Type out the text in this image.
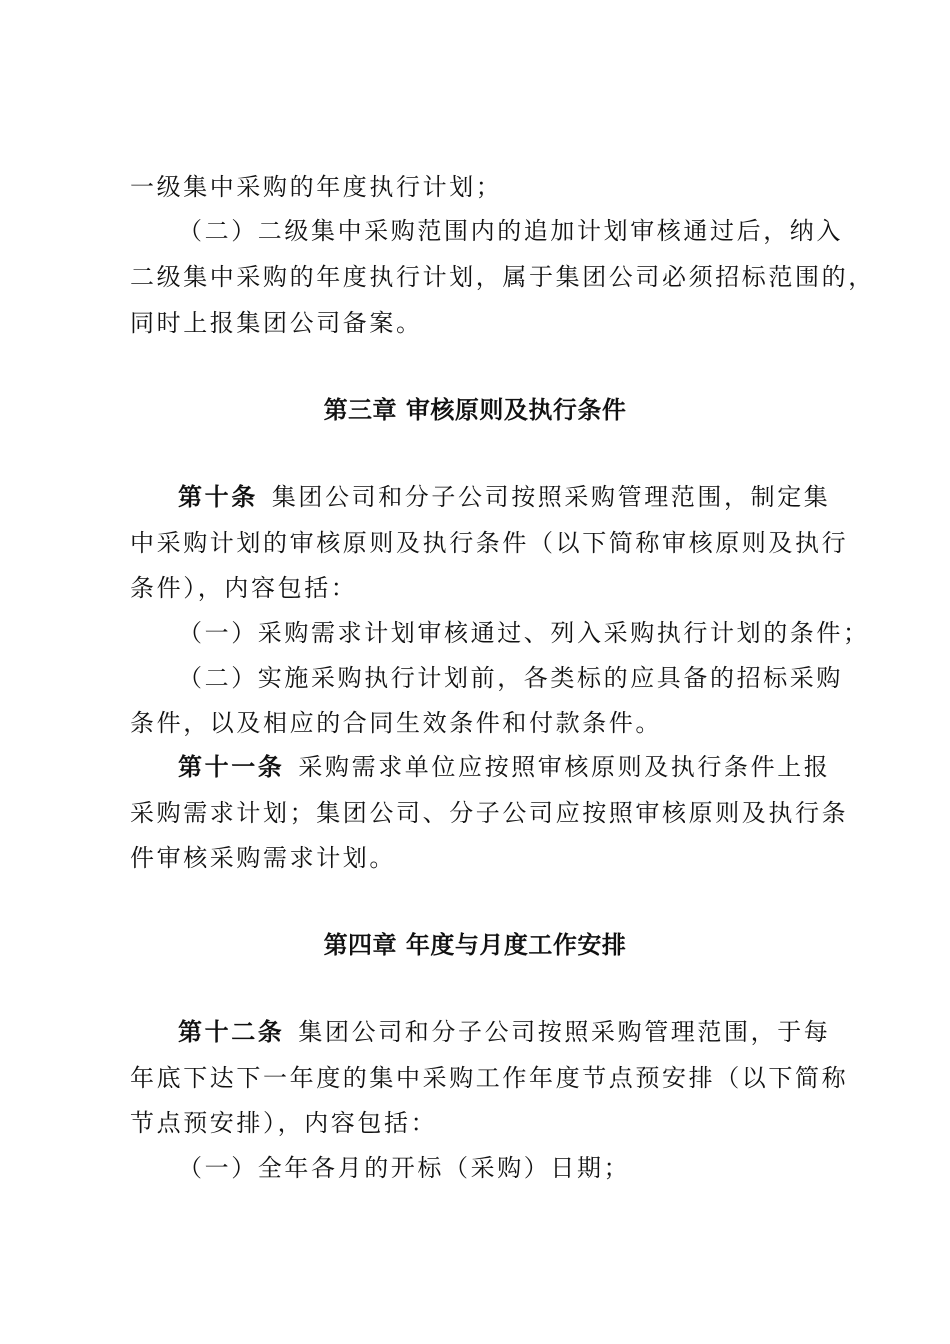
一级集中采购的年度执行计划；
（二）二级集中采购范围内的追加计划审核通过后，纳入
二级集中采购的年度执行计划，属于集团公司必须招标范围的，
同时上报集团公司备案。
第三章 审核原则及执行条件
第十条 集团公司和分子公司按照采购管理范围，制定集
中采购计划的审核原则及执行条件（以下简称审核原则及执行
条件），内容包括：
（一）采购需求计划审核通过、列入采购执行计划的条件；
（二）实施采购执行计划前，各类标的应具备的招标采购
条件，以及相应的合同生效条件和付款条件。
第十一条 采购需求单位应按照审核原则及执行条件上报
采购需求计划；集团公司、分子公司应按照审核原则及执行条
件审核采购需求计划。
第四章 年度与月度工作安排
第十二条 集团公司和分子公司按照采购管理范围，于每
年底下达下一年度的集中采购工作年度节点预安排（以下简称
节点预安排），内容包括：
（一）全年各月的开标（采购）日期；
